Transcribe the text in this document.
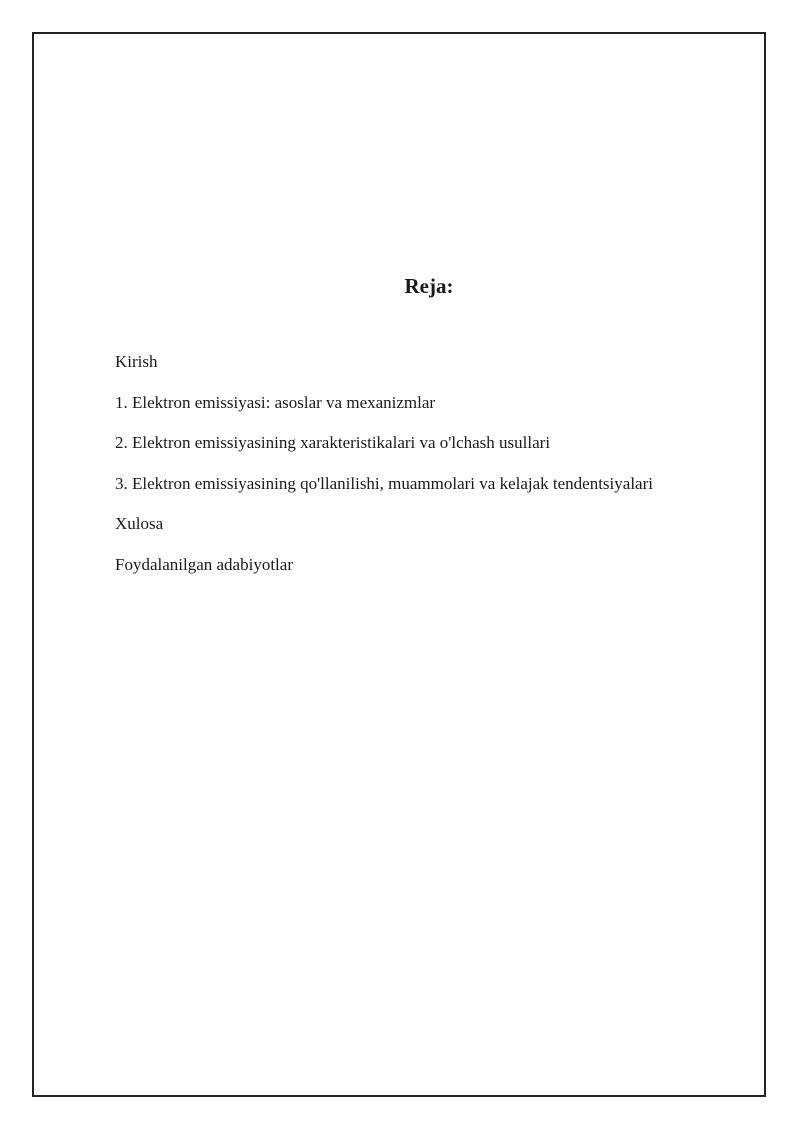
Reja:
Kirish
1. Elektron emissiyasi: asoslar va mexanizmlar
2. Elektron emissiyasining xarakteristikalari va o'lchash usullari
3. Elektron emissiyasining qo'llanilishi, muammolari va kelajak tendentsiyalari
Xulosa
Foydalanilgan adabiyotlar
